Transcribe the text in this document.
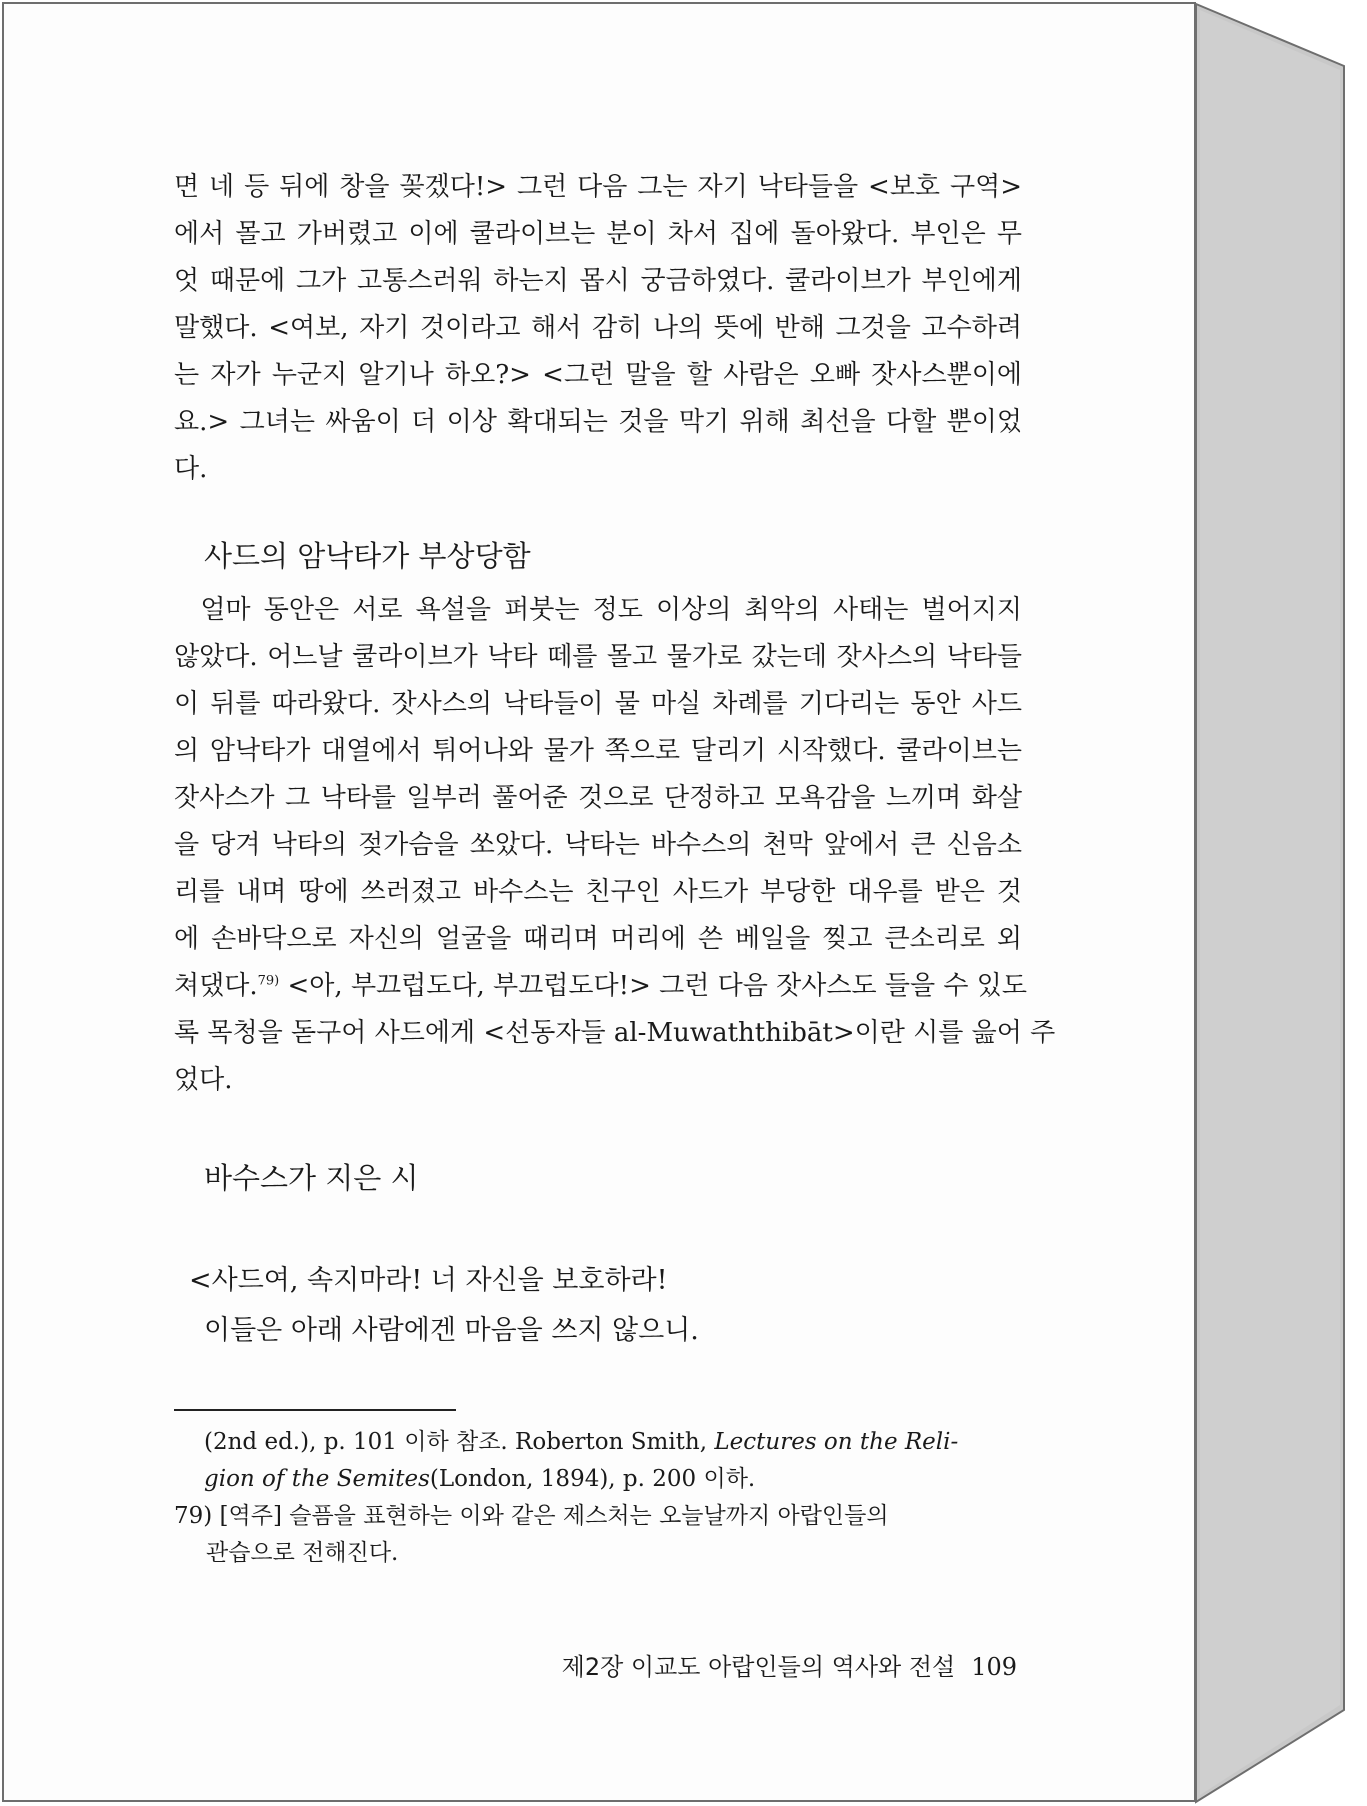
면 네 등 뒤에 창을 꽂겠다!> 그런 다음 그는 자기 낙타들을 <보호 구역>
에서 몰고 가버렸고 이에 쿨라이브는 분이 차서 집에 돌아왔다. 부인은 무
엇 때문에 그가 고통스러워 하는지 몹시 궁금하였다. 쿨라이브가 부인에게
말했다. <여보, 자기 것이라고 해서 감히 나의 뜻에 반해 그것을 고수하려
는 자가 누군지 알기나 하오?> <그런 말을 할 사람은 오빠 잣사스뿐이에
요.> 그녀는 싸움이 더 이상 확대되는 것을 막기 위해 최선을 다할 뿐이었
다.
사드의 암낙타가 부상당함
얼마 동안은 서로 욕설을 퍼붓는 정도 이상의 최악의 사태는 벌어지지
않았다. 어느날 쿨라이브가 낙타 떼를 몰고 물가로 갔는데 잣사스의 낙타들
이 뒤를 따라왔다. 잣사스의 낙타들이 물 마실 차례를 기다리는 동안 사드
의 암낙타가 대열에서 튀어나와 물가 쪽으로 달리기 시작했다. 쿨라이브는
잣사스가 그 낙타를 일부러 풀어준 것으로 단정하고 모욕감을 느끼며 화살
을 당겨 낙타의 젖가슴을 쏘았다. 낙타는 바수스의 천막 앞에서 큰 신음소
리를 내며 땅에 쓰러졌고 바수스는 친구인 사드가 부당한 대우를 받은 것
에 손바닥으로 자신의 얼굴을 때리며 머리에 쓴 베일을 찢고 큰소리로 외
쳐댔다.$^{79)}$ <아, 부끄럽도다, 부끄럽도다!> 그런 다음 잣사스도 들을 수 있도
록 목청을 돋구어 사드에게 <선동자들 al-Muwaththibāt>이란 시를 읊어 주
었다.
바수스가 지은 시
<사드여, 속지마라! 너 자신을 보호하라!
이들은 아래 사람에겐 마음을 쓰지 않으니.
(2nd ed.), p. 101 이하 참조. Roberton Smith, Lectures on the Reli-
gion of the Semites(London, 1894), p. 200 이하.
79) [역주] 슬픔을 표현하는 이와 같은 제스처는 오늘날까지 아랍인들의
관습으로 전해진다.
제2장 이교도 아랍인들의 역사와 전설 109
